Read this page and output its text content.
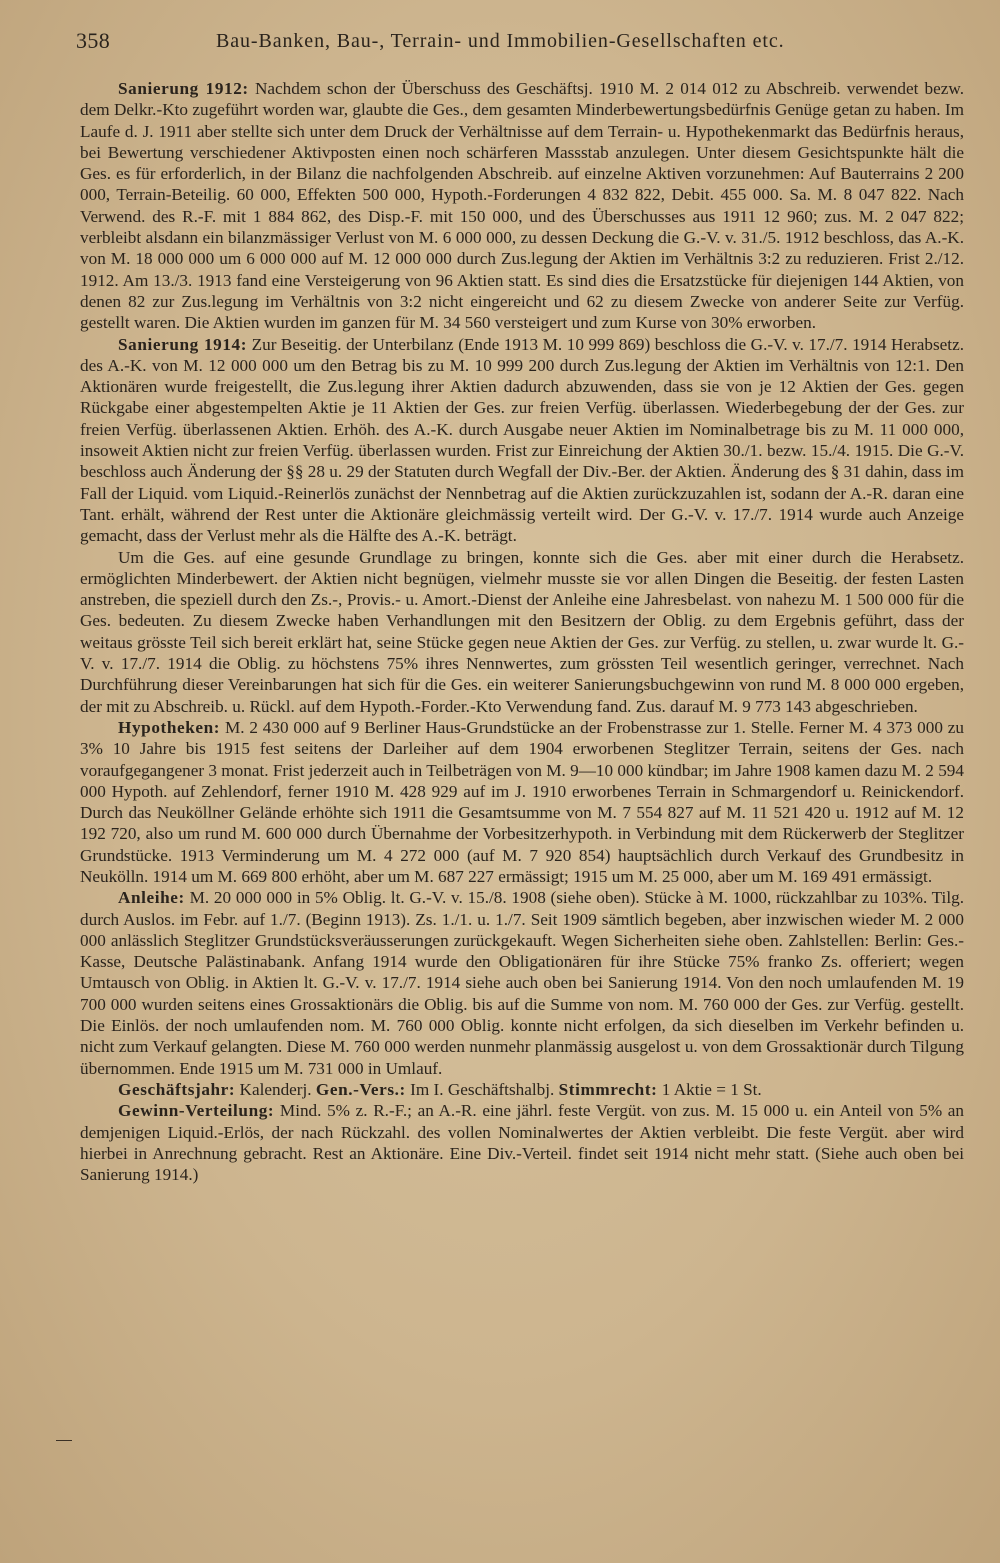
358	Bau-Banken, Bau-, Terrain- und Immobilien-Gesellschaften etc.

Sanierung 1912: Nachdem schon der Überschuss des Geschäftsj. 1910 M. 2 014 012 zu Abschreib. verwendet bezw. dem Delkr.-Kto zugeführt worden war, glaubte die Ges., dem gesamten Minderbewertungsbedürfnis Genüge getan zu haben. Im Laufe d. J. 1911 aber stellte sich unter dem Druck der Verhältnisse auf dem Terrain- u. Hypothekenmarkt das Bedürfnis heraus, bei Bewertung verschiedener Aktivposten einen noch schärferen Massstab anzulegen. Unter diesem Gesichtspunkte hält die Ges. es für erforderlich, in der Bilanz die nachfolgenden Abschreib. auf einzelne Aktiven vorzunehmen: Auf Bauterrains 2 200 000, Terrain-Beteilig. 60 000, Effekten 500 000, Hypoth.-Forderungen 4 832 822, Debit. 455 000. Sa. M. 8 047 822. Nach Verwend. des R.-F. mit 1 884 862, des Disp.-F. mit 150 000, und des Überschusses aus 1911 12 960; zus. M. 2 047 822; verbleibt alsdann ein bilanzmässiger Verlust von M. 6 000 000, zu dessen Deckung die G.-V. v. 31./5. 1912 beschloss, das A.-K. von M. 18 000 000 um 6 000 000 auf M. 12 000 000 durch Zus.legung der Aktien im Verhältnis 3:2 zu reduzieren. Frist 2./12. 1912. Am 13./3. 1913 fand eine Versteigerung von 96 Aktien statt. Es sind dies die Ersatzstücke für diejenigen 144 Aktien, von denen 82 zur Zus.legung im Verhältnis von 3:2 nicht eingereicht und 62 zu diesem Zwecke von anderer Seite zur Verfüg. gestellt waren. Die Aktien wurden im ganzen für M. 34 560 versteigert und zum Kurse von 30% erworben.

Sanierung 1914: Zur Beseitig. der Unterbilanz (Ende 1913 M. 10 999 869) beschloss die G.-V. v. 17./7. 1914 Herabsetz. des A.-K. von M. 12 000 000 um den Betrag bis zu M. 10 999 200 durch Zus.legung der Aktien im Verhältnis von 12:1. Den Aktionären wurde freigestellt, die Zus.legung ihrer Aktien dadurch abzuwenden, dass sie von je 12 Aktien der Ges. gegen Rückgabe einer abgestempelten Aktie je 11 Aktien der Ges. zur freien Verfüg. überlassen. Wiederbegebung der der Ges. zur freien Verfüg. überlassenen Aktien. Erhöh. des A.-K. durch Ausgabe neuer Aktien im Nominalbetrage bis zu M. 11 000 000, insoweit Aktien nicht zur freien Verfüg. überlassen wurden. Frist zur Einreichung der Aktien 30./1. bezw. 15./4. 1915. Die G.-V. beschloss auch Änderung der §§ 28 u. 29 der Statuten durch Wegfall der Div.-Ber. der Aktien. Änderung des § 31 dahin, dass im Fall der Liquid. vom Liquid.-Reinerlös zunächst der Nennbetrag auf die Aktien zurückzuzahlen ist, sodann der A.-R. daran eine Tant. erhält, während der Rest unter die Aktionäre gleichmässig verteilt wird. Der G.-V. v. 17./7. 1914 wurde auch Anzeige gemacht, dass der Verlust mehr als die Hälfte des A.-K. beträgt.

Um die Ges. auf eine gesunde Grundlage zu bringen, konnte sich die Ges. aber mit einer durch die Herabsetz. ermöglichten Minderbewert. der Aktien nicht begnügen, vielmehr musste sie vor allen Dingen die Beseitig. der festen Lasten anstreben, die speziell durch den Zs.-, Provis.- u. Amort.-Dienst der Anleihe eine Jahresbelast. von nahezu M. 1 500 000 für die Ges. bedeuten. Zu diesem Zwecke haben Verhandlungen mit den Besitzern der Oblig. zu dem Ergebnis geführt, dass der weitaus grösste Teil sich bereit erklärt hat, seine Stücke gegen neue Aktien der Ges. zur Verfüg. zu stellen, u. zwar wurde lt. G.-V. v. 17./7. 1914 die Oblig. zu höchstens 75% ihres Nennwertes, zum grössten Teil wesentlich geringer, verrechnet. Nach Durchführung dieser Vereinbarungen hat sich für die Ges. ein weiterer Sanierungsbuchgewinn von rund M. 8 000 000 ergeben, der mit zu Abschreib. u. Rückl. auf dem Hypoth.-Forder.-Kto Verwendung fand. Zus. darauf M. 9 773 143 abgeschrieben.

Hypotheken: M. 2 430 000 auf 9 Berliner Haus-Grundstücke an der Frobenstrasse zur 1. Stelle. Ferner M. 4 373 000 zu 3% 10 Jahre bis 1915 fest seitens der Darleiher auf dem 1904 erworbenen Steglitzer Terrain, seitens der Ges. nach voraufgegangener 3 monat. Frist jederzeit auch in Teilbeträgen von M. 9—10 000 kündbar; im Jahre 1908 kamen dazu M. 2 594 000 Hypoth. auf Zehlendorf, ferner 1910 M. 428 929 auf im J. 1910 erworbenes Terrain in Schmargendorf u. Reinickendorf. Durch das Neuköllner Gelände erhöhte sich 1911 die Gesamtsumme von M. 7 554 827 auf M. 11 521 420 u. 1912 auf M. 12 192 720, also um rund M. 600 000 durch Übernahme der Vorbesitzerhypoth. in Verbindung mit dem Rückerwerb der Steglitzer Grundstücke. 1913 Verminderung um M. 4 272 000 (auf M. 7 920 854) hauptsächlich durch Verkauf des Grundbesitz in Neukölln. 1914 um M. 669 800 erhöht, aber um M. 687 227 ermässigt; 1915 um M. 25 000, aber um M. 169 491 ermässigt.

Anleihe: M. 20 000 000 in 5% Oblig. lt. G.-V. v. 15./8. 1908 (siehe oben). Stücke à M. 1000, rückzahlbar zu 103%. Tilg. durch Auslos. im Febr. auf 1./7. (Beginn 1913). Zs. 1./1. u. 1./7. Seit 1909 sämtlich begeben, aber inzwischen wieder M. 2 000 000 anlässlich Steglitzer Grundstücksveräusserungen zurückgekauft. Wegen Sicherheiten siehe oben. Zahlstellen: Berlin: Ges.-Kasse, Deutsche Palästinabank. Anfang 1914 wurde den Obligationären für ihre Stücke 75% franko Zs. offeriert; wegen Umtausch von Oblig. in Aktien lt. G.-V. v. 17./7. 1914 siehe auch oben bei Sanierung 1914. Von den noch umlaufenden M. 19 700 000 wurden seitens eines Grossaktionärs die Oblig. bis auf die Summe von nom. M. 760 000 der Ges. zur Verfüg. gestellt. Die Einlös. der noch umlaufenden nom. M. 760 000 Oblig. konnte nicht erfolgen, da sich dieselben im Verkehr befinden u. nicht zum Verkauf gelangten. Diese M. 760 000 werden nunmehr planmässig ausgelost u. von dem Grossaktionär durch Tilgung übernommen. Ende 1915 um M. 731 000 in Umlauf.

Geschäftsjahr: Kalenderj. Gen.-Vers.: Im I. Geschäftshalbj. Stimmrecht: 1 Aktie = 1 St.

Gewinn-Verteilung: Mind. 5% z. R.-F.; an A.-R. eine jährl. feste Vergüt. von zus. M. 15 000 u. ein Anteil von 5% an demjenigen Liquid.-Erlös, der nach Rückzahl. des vollen Nominalwertes der Aktien verbleibt. Die feste Vergüt. aber wird hierbei in Anrechnung gebracht. Rest an Aktionäre. Eine Div.-Verteil. findet seit 1914 nicht mehr statt. (Siehe auch oben bei Sanierung 1914.)
